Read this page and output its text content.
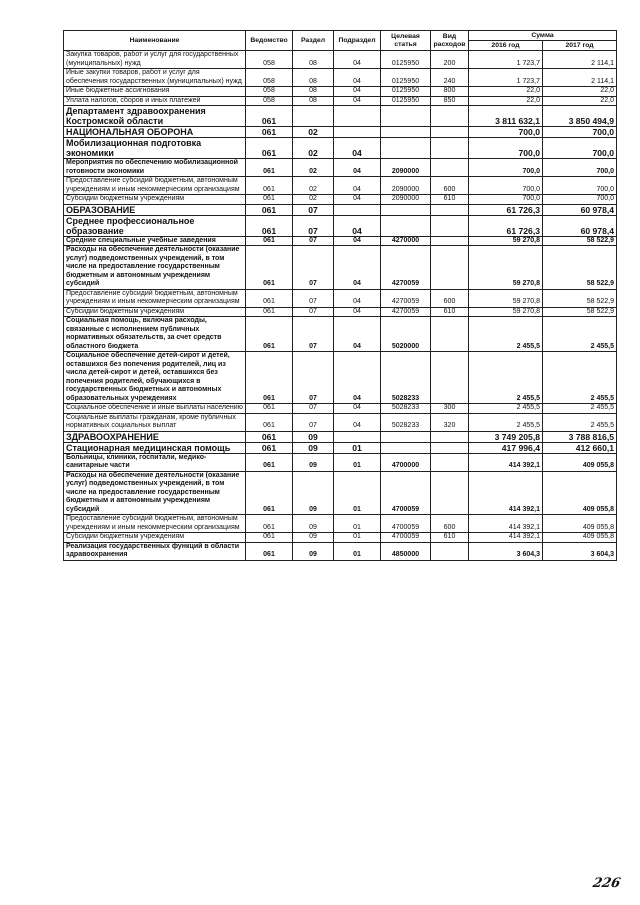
Наименование	Ведомство	Раздел	Подраздел	Целевая статья	Вид расходов	Сумма	
						2016 год	2017 год
Закупка товаров, работ и услуг для государственных (муниципальных) нужд	058	08	04	0125950	200	1 723,7	2 114,1
Иные закупки товаров, работ и услуг для обеспечения государственных (муниципальных) нужд	058	08	04	0125950	240	1 723,7	2 114,1
Иные бюджетные ассигнования	058	08	04	0125950	800	22,0	22,0
Уплата налогов, сборов и иных платежей	058	08	04	0125950	850	22,0	22,0
Департамент здравоохранения Костромской области	061					3 811 632,1	3 850 494,9
НАЦИОНАЛЬНАЯ ОБОРОНА	061	02				700,0	700,0
Мобилизационная подготовка экономики	061	02	04			700,0	700,0
Мероприятия по обеспечению мобилизационной готовности экономики	061	02	04	2090000		700,0	700,0
Предоставление субсидий бюджетным, автономным учреждениям и иным некоммерческим организациям	061	02	04	2090000	600	700,0	700,0
Субсидии бюджетным учреждениям	061	02	04	2090000	610	700,0	700,0
ОБРАЗОВАНИЕ	061	07				61 726,3	60 978,4
Среднее профессиональное образование	061	07	04			61 726,3	60 978,4
Средние специальные учебные заведения	061	07	04	4270000		59 270,8	58 522,9
Расходы на обеспечение деятельности (оказание услуг) подведомственных учреждений, в том числе на предоставление государственным бюджетным и автономным учреждениям субсидий	061	07	04	4270059		59 270,8	58 522,9
Предоставление субсидий бюджетным, автономным учреждениям и иным некоммерческим организациям	061	07	04	4270059	600	59 270,8	58 522,9
Субсидии бюджетным учреждениям	061	07	04	4270059	610	59 270,8	58 522,9
Социальная помощь, включая расходы, связанные с исполнением публичных нормативных обязательств, за счет средств областного бюджета	061	07	04	5020000		2 455,5	2 455,5
Социальное обеспечение детей-сирот и детей, оставшихся без попечения родителей, лиц из числа детей-сирот и детей, оставшихся без попечения родителей, обучающихся в государственных бюджетных и автономных образовательных учреждениях	061	07	04	5028233		2 455,5	2 455,5
Социальное обеспечение и иные выплаты населению	061	07	04	5028233	300	2 455,5	2 455,5
Социальные выплаты гражданам, кроме публичных нормативных социальных выплат	061	07	04	5028233	320	2 455,5	2 455,5
ЗДРАВООХРАНЕНИЕ	061	09				3 749 205,8	3 788 816,5
Стационарная медицинская помощь	061	09	01			417 996,4	412 660,1
Больницы, клиники, госпитали, медико-санитарные части	061	09	01	4700000		414 392,1	409 055,8
Расходы на обеспечение деятельности (оказание услуг) подведомственных учреждений, в том числе на предоставление государственным бюджетным и автономным учреждениям субсидий	061	09	01	4700059		414 392,1	409 055,8
Предоставление субсидий бюджетным, автономным учреждениям и иным некоммерческим организациям	061	09	01	4700059	600	414 392,1	409 055,8
Субсидии бюджетным учреждениям	061	09	01	4700059	610	414 392,1	409 055,8
Реализация государственных функций в области здравоохранения	061	09	01	4850000		3 604,3	3 604,3
226
